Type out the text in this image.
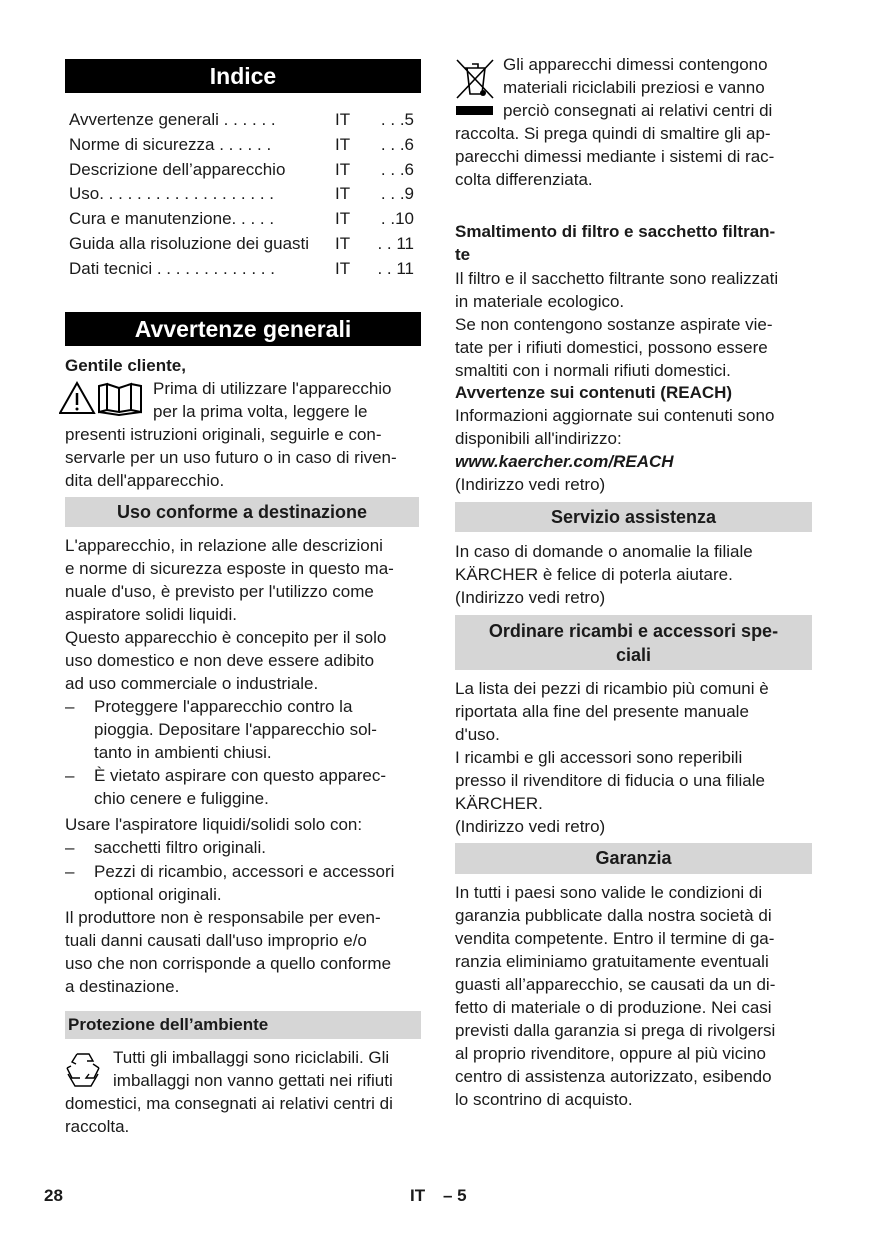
Indice
Avvertenze generali . . . . . .	IT	. . .5
Norme di sicurezza . . . . . .	IT	. . .6
Descrizione dell’apparecchio	IT	. . .6
Uso. . . . . . . . . . . . . . . . . . .	IT	. . .9
Cura e manutenzione. . . . .	IT	. .10
Guida alla risoluzione dei guasti	IT	. . 11
Dati tecnici . . . . . . . . . . . . .	IT	. . 11
Avvertenze generali
Gentile cliente,
Prima di utilizzare l'apparecchio
per la prima volta, leggere le
presenti istruzioni originali, seguirle e con-
servarle per un uso futuro o in caso di riven-
dita dell'apparecchio.
Uso conforme a destinazione
L'apparecchio, in relazione alle descrizioni
e norme di sicurezza esposte in questo ma-
nuale d'uso, è previsto per l'utilizzo come
aspiratore solidi liquidi.
Questo apparecchio è concepito per il solo
uso domestico e non deve essere adibito
ad uso commerciale o industriale.
– Proteggere l'apparecchio contro la
pioggia. Depositare l'apparecchio sol-
tanto in ambienti chiusi.
– È vietato aspirare con questo apparec-
chio cenere e fuliggine.
Usare l'aspiratore liquidi/solidi solo con:
– sacchetti filtro originali.
– Pezzi di ricambio, accessori e accessori
optional originali.
Il produttore non è responsabile per even-
tuali danni causati dall'uso improprio e/o
uso che non corrisponde a quello conforme
a destinazione.
Protezione dell’ambiente
Tutti gli imballaggi sono riciclabili. Gli
imballaggi non vanno gettati nei rifiuti
domestici, ma consegnati ai relativi centri di
raccolta.
Gli apparecchi dimessi contengono
materiali riciclabili preziosi e vanno
perciò consegnati ai relativi centri di
raccolta. Si prega quindi di smaltire gli ap-
parecchi dimessi mediante i sistemi di rac-
colta differenziata.
Smaltimento di filtro e sacchetto filtran-
te
Il filtro e il sacchetto filtrante sono realizzati
in materiale ecologico.
Se non contengono sostanze aspirate vie-
tate per i rifiuti domestici, possono essere
smaltiti con i normali rifiuti domestici.
Avvertenze sui contenuti (REACH)
Informazioni aggiornate sui contenuti sono
disponibili all'indirizzo:
www.kaercher.com/REACH
(Indirizzo vedi retro)
Servizio assistenza
In caso di domande o anomalie la filiale
KÄRCHER è felice di poterla aiutare.
(Indirizzo vedi retro)
Ordinare ricambi e accessori spe-
ciali
La lista dei pezzi di ricambio più comuni è
riportata alla fine del presente manuale
d'uso.
I ricambi e gli accessori sono reperibili
presso il rivenditore di fiducia o una filiale
KÄRCHER.
(Indirizzo vedi retro)
Garanzia
In tutti i paesi sono valide le condizioni di
garanzia pubblicate dalla nostra società di
vendita competente. Entro il termine di ga-
ranzia eliminiamo gratuitamente eventuali
guasti all’apparecchio, se causati da un di-
fetto di materiale o di produzione. Nei casi
previsti dalla garanzia si prega di rivolgersi
al proprio rivenditore, oppure al più vicino
centro di assistenza autorizzato, esibendo
lo scontrino di acquisto.
28	IT – 5
